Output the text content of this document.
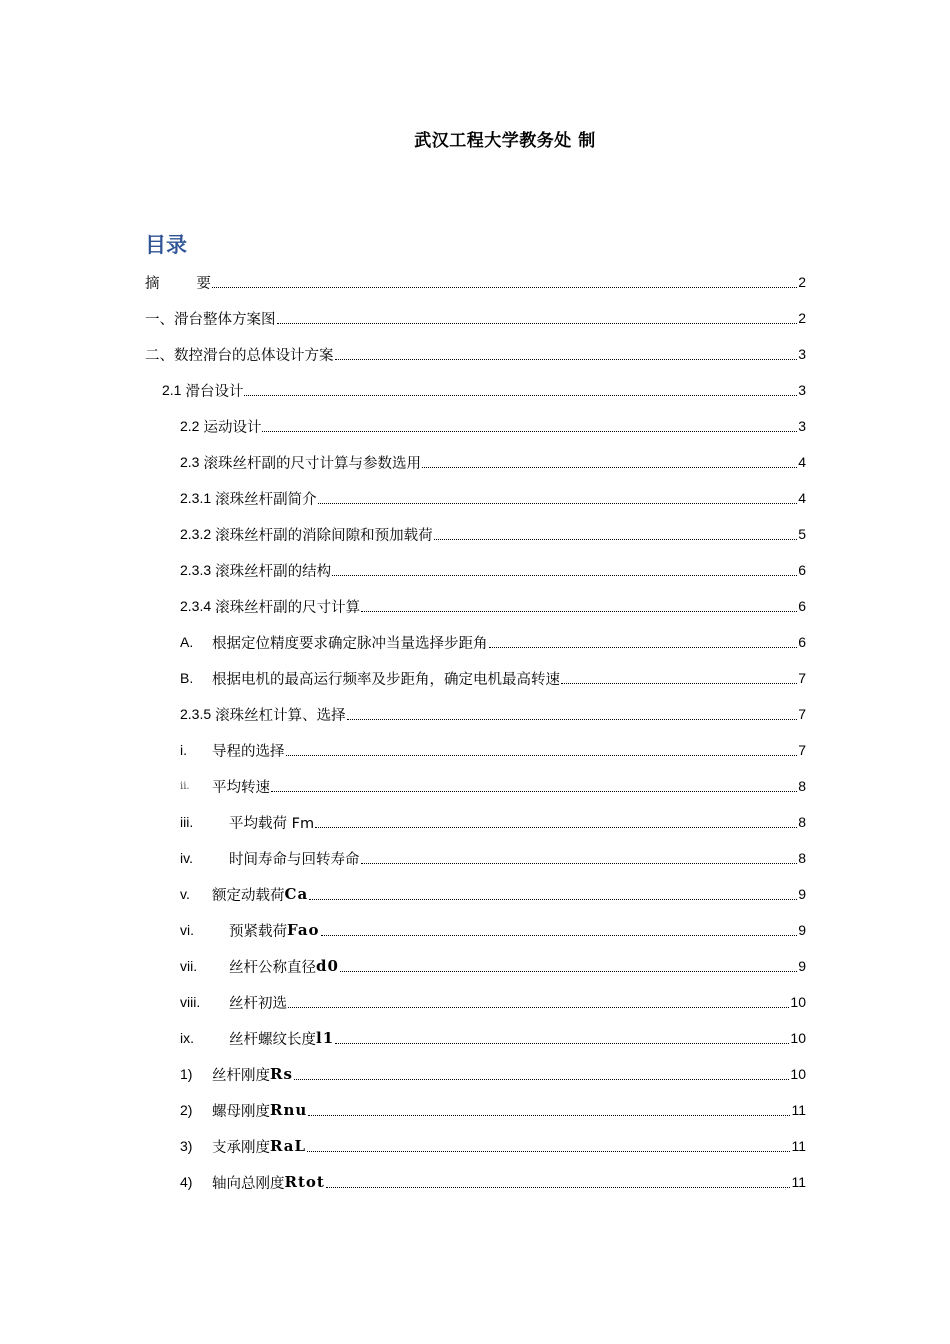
武汉工程大学教务处 制
目录
摘        要	2
一、滑台整体方案图	2
二、数控滑台的总体设计方案	3
2.1 滑台设计	3
2.2 运动设计	3
2.3 滚珠丝杆副的尺寸计算与参数选用	4
2.3.1 滚珠丝杆副简介	4
2.3.2 滚珠丝杆副的消除间隙和预加载荷	5
2.3.3 滚珠丝杆副的结构	6
2.3.4 滚珠丝杆副的尺寸计算	6
A.	根据定位精度要求确定脉冲当量选择步距角	6
B.	根据电机的最高运行频率及步距角，确定电机最高转速	7
2.3.5 滚珠丝杠计算、选择	7
i.	导程的选择	7
ii.	平均转速	8
iii.	平均载荷 Fm	8
iv.	时间寿命与回转寿命	8
v.	额定动载荷 Ca	9
vi.	预紧载荷 Fao	9
vii.	丝杆公称直径 d0	9
viii.	丝杆初选	10
ix.	丝杆螺纹长度 l1	10
1)	丝杆刚度 Rs	10
2)	螺母刚度 Rnu	11
3)	支承刚度 RaL	11
4)	轴向总刚度 Rtot	11
